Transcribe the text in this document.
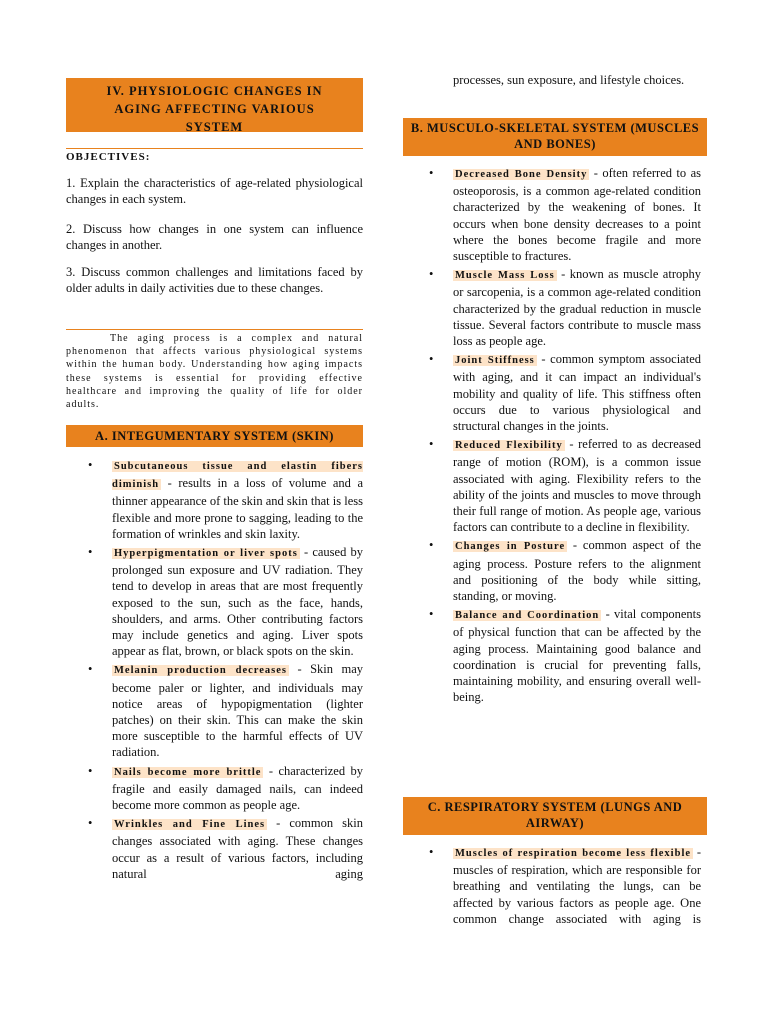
IV. PHYSIOLOGIC CHANGES IN
AGING AFFECTING VARIOUS
SYSTEM
OBJECTIVES:
1. Explain the characteristics of age-related physiological changes in each system.
2. Discuss how changes in one system can influence changes in another.
3. Discuss common challenges and limitations faced by older adults in daily activities due to these changes.
The aging process is a complex and natural phenomenon that affects various physiological systems within the human body. Understanding how aging impacts these systems is essential for providing effective healthcare and improving the quality of life for older adults.
A. INTEGUMENTARY SYSTEM (SKIN)
• Subcutaneous tissue and elastin fibers diminish - results in a loss of volume and a thinner appearance of the skin and skin that is less flexible and more prone to sagging, leading to the formation of wrinkles and skin laxity.
• Hyperpigmentation or liver spots - caused by prolonged sun exposure and UV radiation. They tend to develop in areas that are most frequently exposed to the sun, such as the face, hands, shoulders, and arms. Other contributing factors may include genetics and aging. Liver spots appear as flat, brown, or black spots on the skin.
• Melanin production decreases - Skin may become paler or lighter, and individuals may notice areas of hypopigmentation (lighter patches) on their skin. This can make the skin more susceptible to the harmful effects of UV radiation.
• Nails become more brittle - characterized by fragile and easily damaged nails, can indeed become more common as people age.
• Wrinkles and Fine Lines - common skin changes associated with aging. These changes occur as a result of various factors, including natural aging
processes, sun exposure, and lifestyle choices.
B. MUSCULO-SKELETAL SYSTEM (MUSCLES AND BONES)
• Decreased Bone Density - often referred to as osteoporosis, is a common age-related condition characterized by the weakening of bones. It occurs when bone density decreases to a point where the bones become fragile and more susceptible to fractures.
• Muscle Mass Loss - known as muscle atrophy or sarcopenia, is a common age-related condition characterized by the gradual reduction in muscle tissue. Several factors contribute to muscle mass loss as people age.
• Joint Stiffness - common symptom associated with aging, and it can impact an individual's mobility and quality of life. This stiffness often occurs due to various physiological and structural changes in the joints.
• Reduced Flexibility - referred to as decreased range of motion (ROM), is a common issue associated with aging. Flexibility refers to the ability of the joints and muscles to move through their full range of motion. As people age, various factors can contribute to a decline in flexibility.
• Changes in Posture - common aspect of the aging process. Posture refers to the alignment and positioning of the body while sitting, standing, or moving.
• Balance and Coordination - vital components of physical function that can be affected by the aging process. Maintaining good balance and coordination is crucial for preventing falls, maintaining mobility, and ensuring overall well-being.
C. RESPIRATORY SYSTEM (LUNGS AND AIRWAY)
• Muscles of respiration become less flexible - muscles of respiration, which are responsible for breathing and ventilating the lungs, can be affected by various factors as people age. One common change associated with aging is
